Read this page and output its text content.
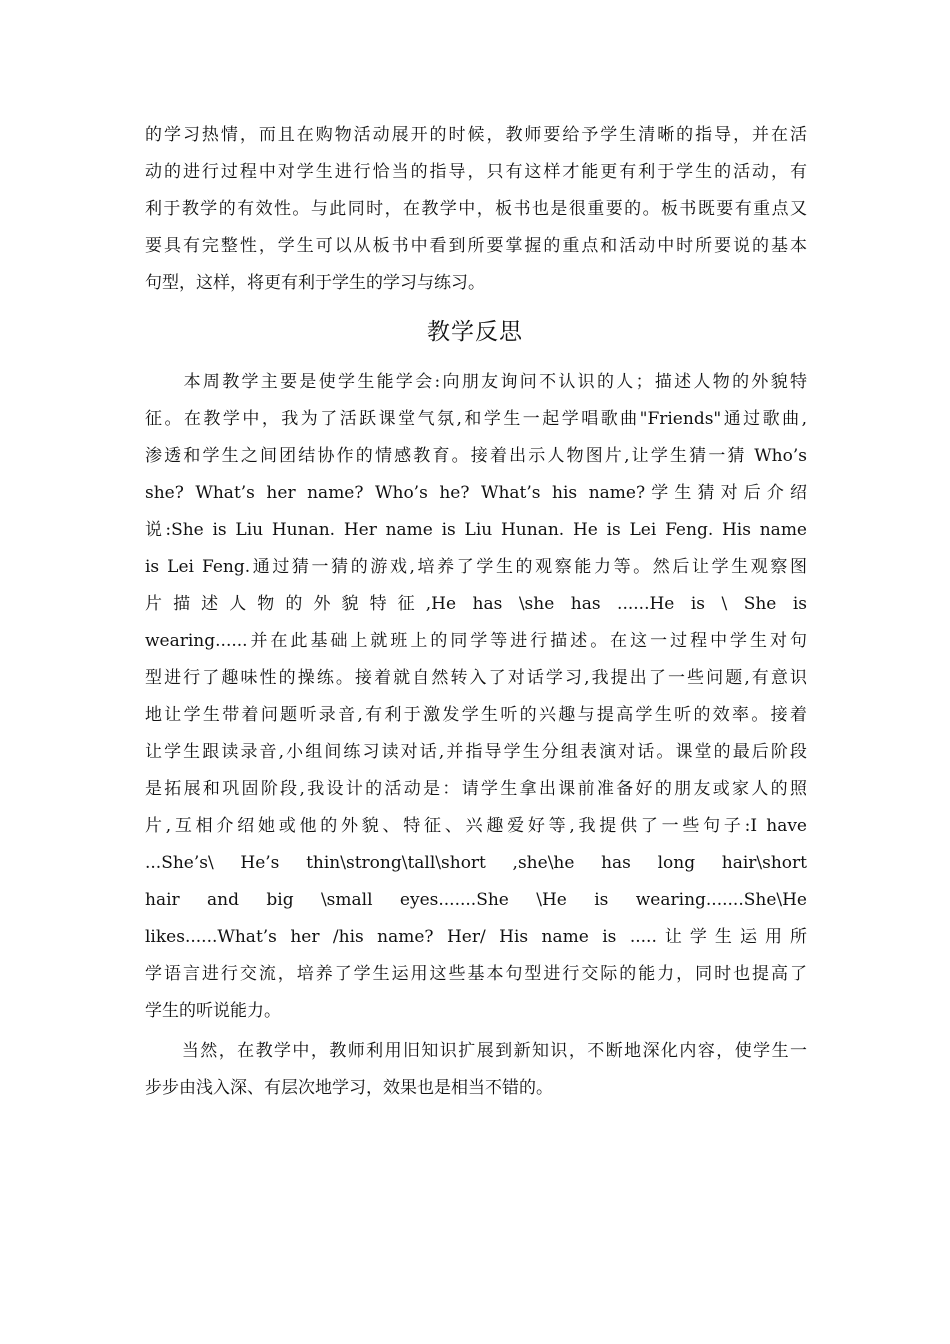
的学习热情，而且在购物活动展开的时候，教师要给予学生清晰的指导，并在活
动的进行过程中对学生进行恰当的指导，只有这样才能更有利于学生的活动，有
利于教学的有效性。与此同时，在教学中，板书也是很重要的。板书既要有重点又
要具有完整性，学生可以从板书中看到所要掌握的重点和活动中时所要说的基本
句型，这样，将更有利于学生的学习与练习。
教学反思
　　本周教学主要是使学生能学会:向朋友询问不认识的人；描述人物的外貌特
征。在教学中，我为了活跃课堂气氛,和学生一起学唱歌曲"Friends"通过歌曲,
渗透和学生之间团结协作的情感教育。接着出示人物图片,让学生猜一猜 Who’s
she? What’s her name? Who’s he? What’s his name?学生猜对后介绍
说:She is Liu Hunan. Her name is Liu Hunan. He is Lei Feng. His name
is Lei Feng.通过猜一猜的游戏,培养了学生的观察能力等。然后让学生观察图
片描述人物的外貌特征,He has \she has ......He is \ She is
wearing......并在此基础上就班上的同学等进行描述。在这一过程中学生对句
型进行了趣味性的操练。接着就自然转入了对话学习,我提出了一些问题,有意识
地让学生带着问题听录音,有利于激发学生听的兴趣与提高学生听的效率。接着
让学生跟读录音,小组间练习读对话,并指导学生分组表演对话。课堂的最后阶段
是拓展和巩固阶段,我设计的活动是：请学生拿出课前准备好的朋友或家人的照
片,互相介绍她或他的外貌、特征、兴趣爱好等,我提供了一些句子:I have
...She’s\ He’s thin\strong\tall\short ,she\he has long hair\short
hair and big \small eyes.......She \He is wearing.......She\He
likes......What’s her /his name? Her/ His name is .....让学生运用所
学语言进行交流，培养了学生运用这些基本句型进行交际的能力，同时也提高了
学生的听说能力。
　　当然，在教学中，教师利用旧知识扩展到新知识，不断地深化内容，使学生一
步步由浅入深、有层次地学习，效果也是相当不错的。
